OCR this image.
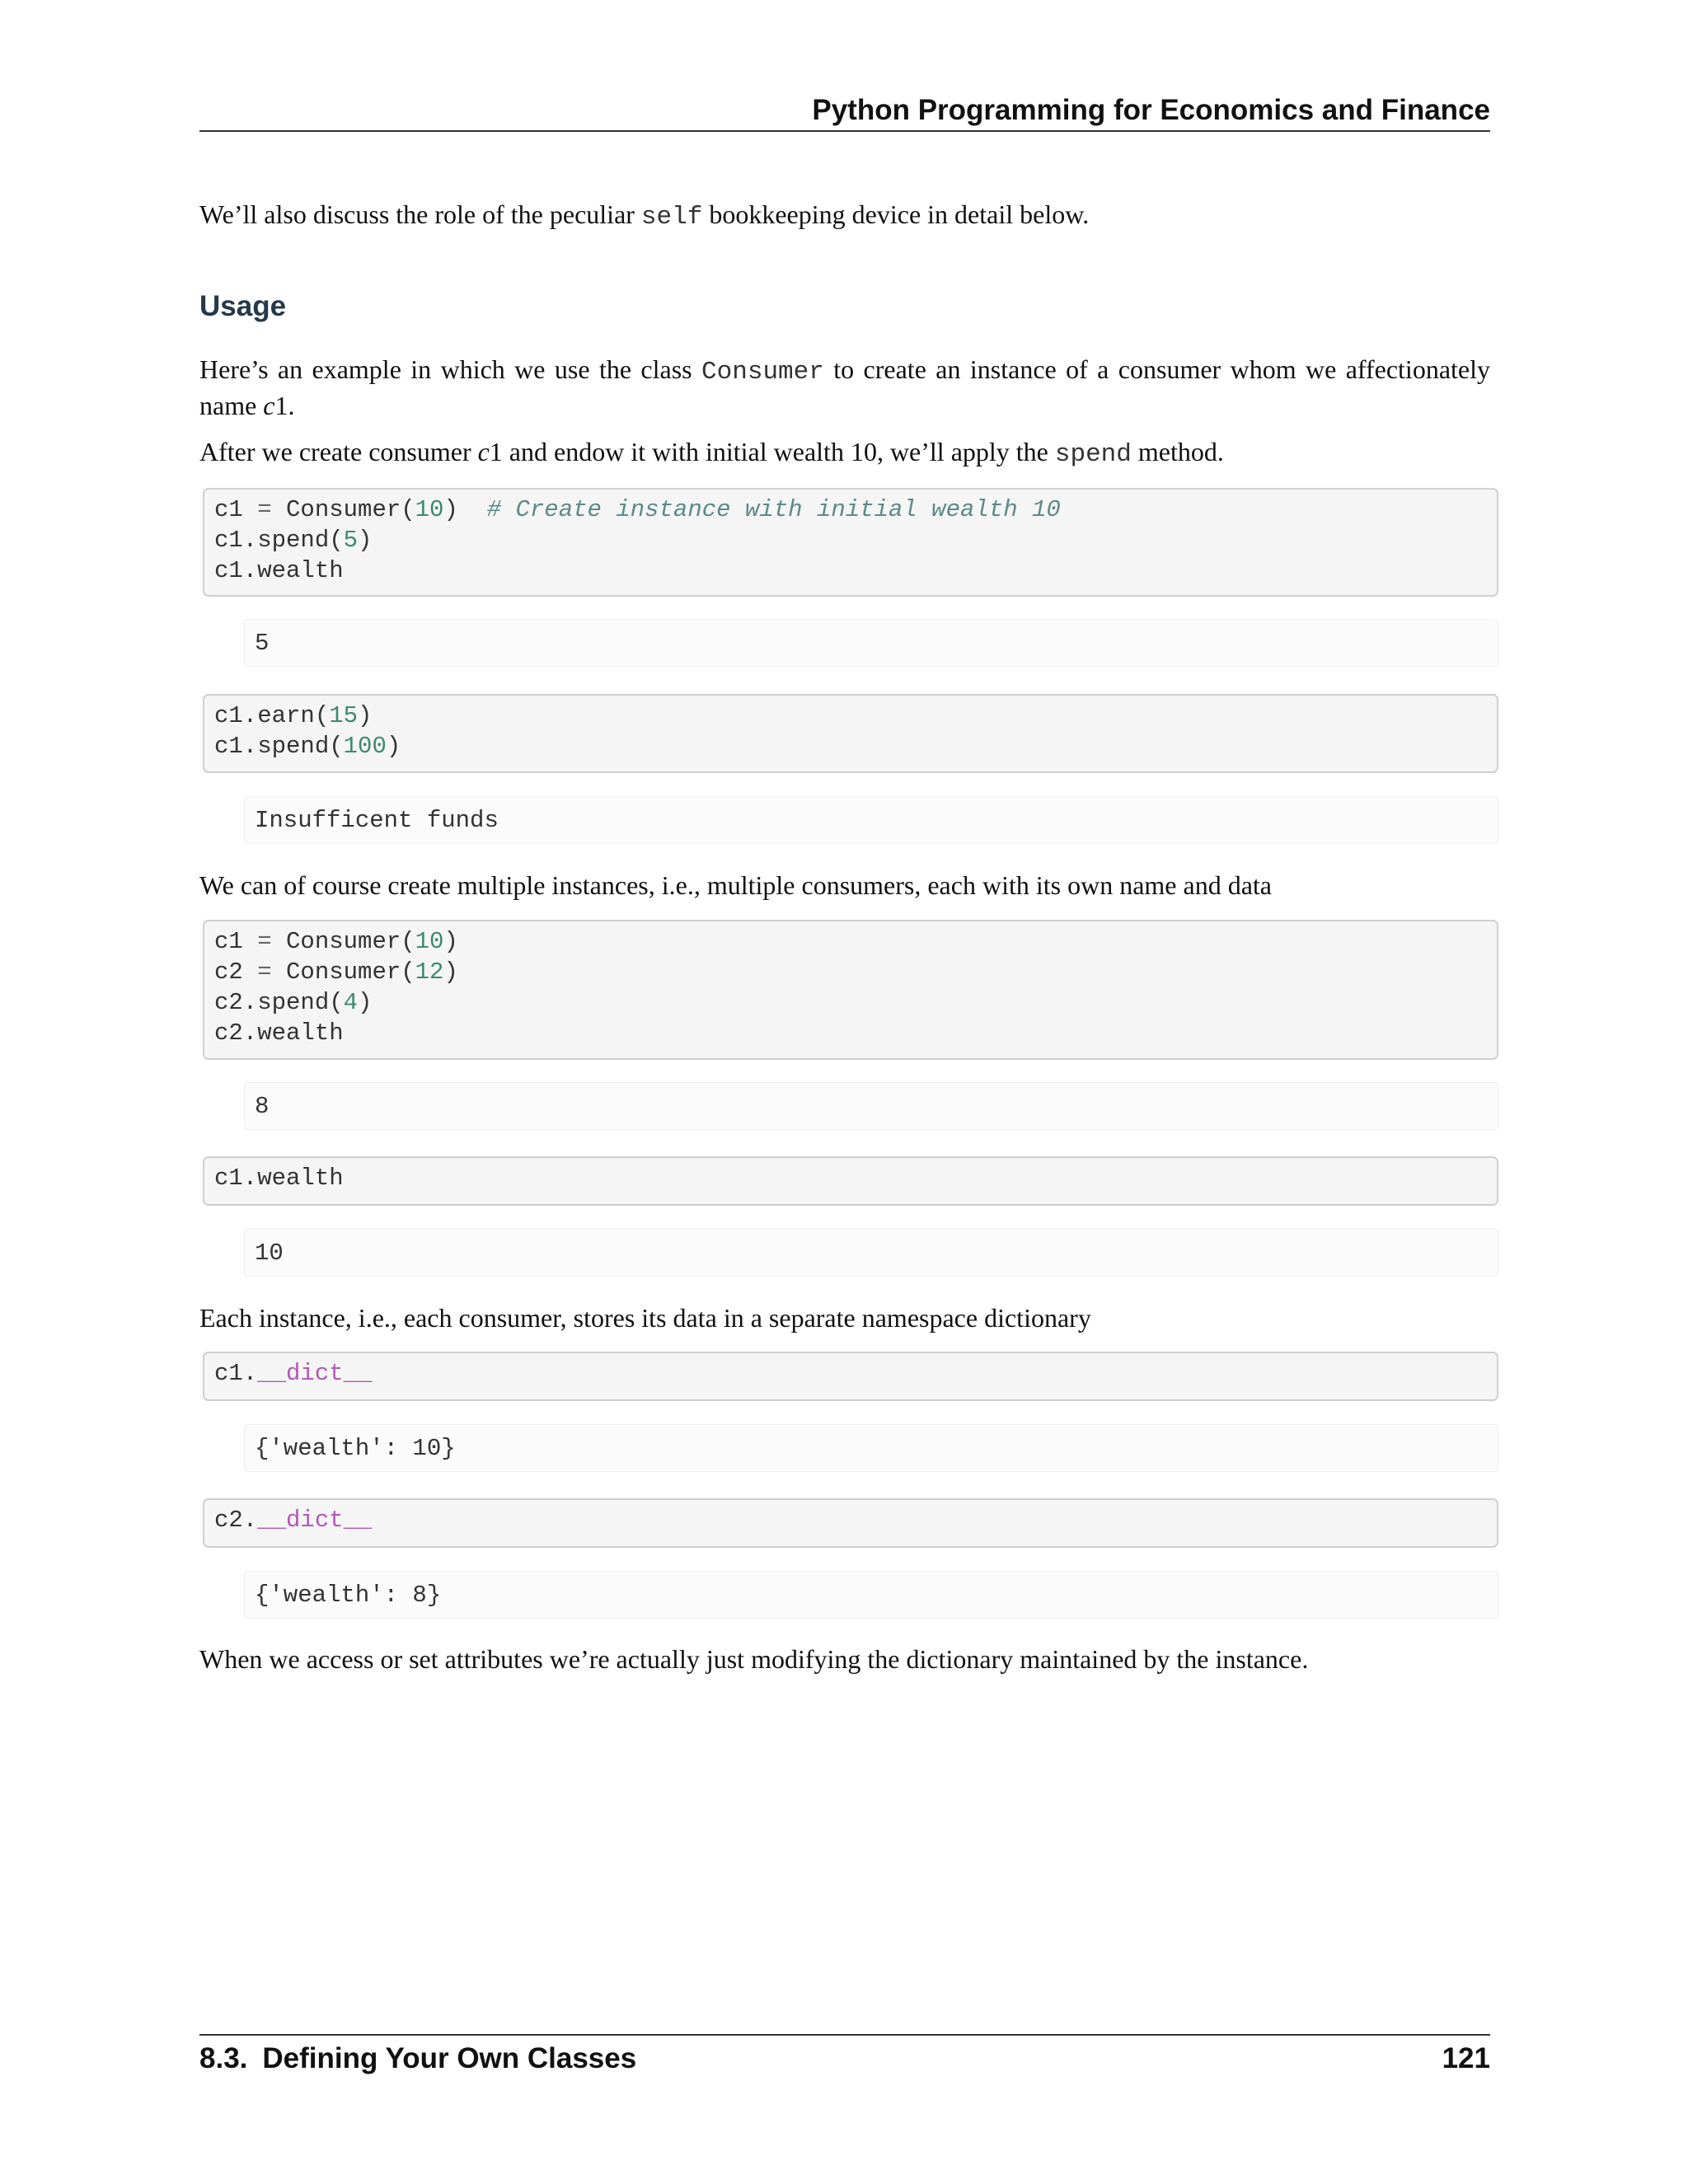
Python Programming for Economics and Finance

We’ll also discuss the role of the peculiar self bookkeeping device in detail below.

Usage

Here’s an example in which we use the class Consumer to create an instance of a consumer whom we affectionately name c1.

After we create consumer c1 and endow it with initial wealth 10, we’ll apply the spend method.

c1 = Consumer(10)  # Create instance with initial wealth 10
c1.spend(5)
c1.wealth
5
c1.earn(15)
c1.spend(100)
Insufficent funds

We can of course create multiple instances, i.e., multiple consumers, each with its own name and data

c1 = Consumer(10)
c2 = Consumer(12)
c2.spend(4)
c2.wealth
8
c1.wealth
10

Each instance, i.e., each consumer, stores its data in a separate namespace dictionary

c1.__dict__
{'wealth': 10}
c2.__dict__
{'wealth': 8}

When we access or set attributes we’re actually just modifying the dictionary maintained by the instance.

8.3. Defining Your Own Classes	121
